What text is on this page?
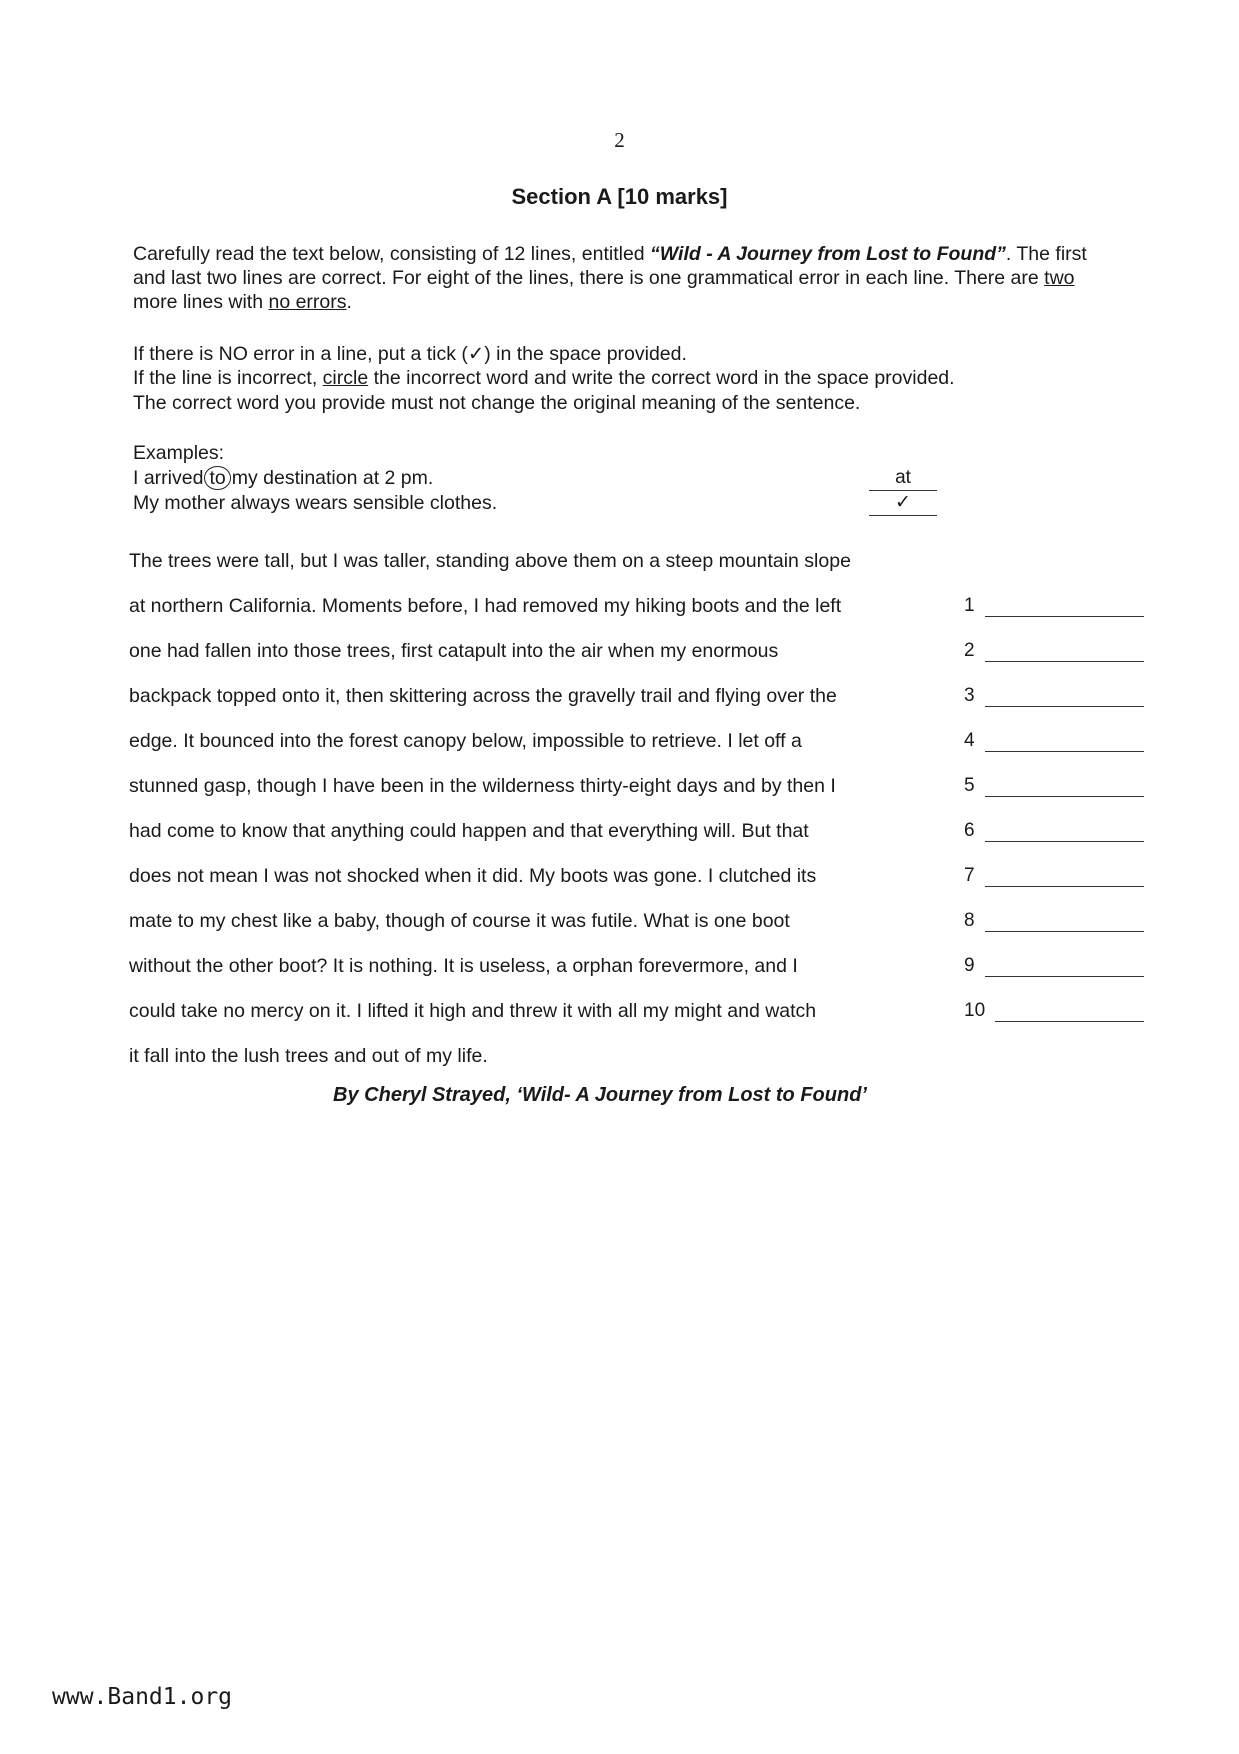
2
Section A [10 marks]
Carefully read the text below, consisting of 12 lines, entitled “Wild - A Journey from Lost to Found”. The first and last two lines are correct. For eight of the lines, there is one grammatical error in each line. There are two more lines with no errors.
If there is NO error in a line, put a tick (✓) in the space provided.
If the line is incorrect, circle the incorrect word and write the correct word in the space provided.
The correct word you provide must not change the original meaning of the sentence.
Examples:
I arrived to my destination at 2 pm.	at
My mother always wears sensible clothes.	✓
The trees were tall, but I was taller, standing above them on a steep mountain slope
at northern California. Moments before, I had removed my hiking boots and the left	1
one had fallen into those trees, first catapult into the air when my enormous	2
backpack topped onto it, then skittering across the gravelly trail and flying over the	3
edge. It bounced into the forest canopy below, impossible to retrieve. I let off a	4
stunned gasp, though I have been in the wilderness thirty-eight days and by then I	5
had come to know that anything could happen and that everything will. But that	6
does not mean I was not shocked when it did. My boots was gone. I clutched its	7
mate to my chest like a baby, though of course it was futile. What is one boot	8
without the other boot? It is nothing. It is useless, a orphan forevermore, and I	9
could take no mercy on it. I lifted it high and threw it with all my might and watch	10
it fall into the lush trees and out of my life.
By Cheryl Strayed, ‘Wild- A Journey from Lost to Found’
www.Band1.org
